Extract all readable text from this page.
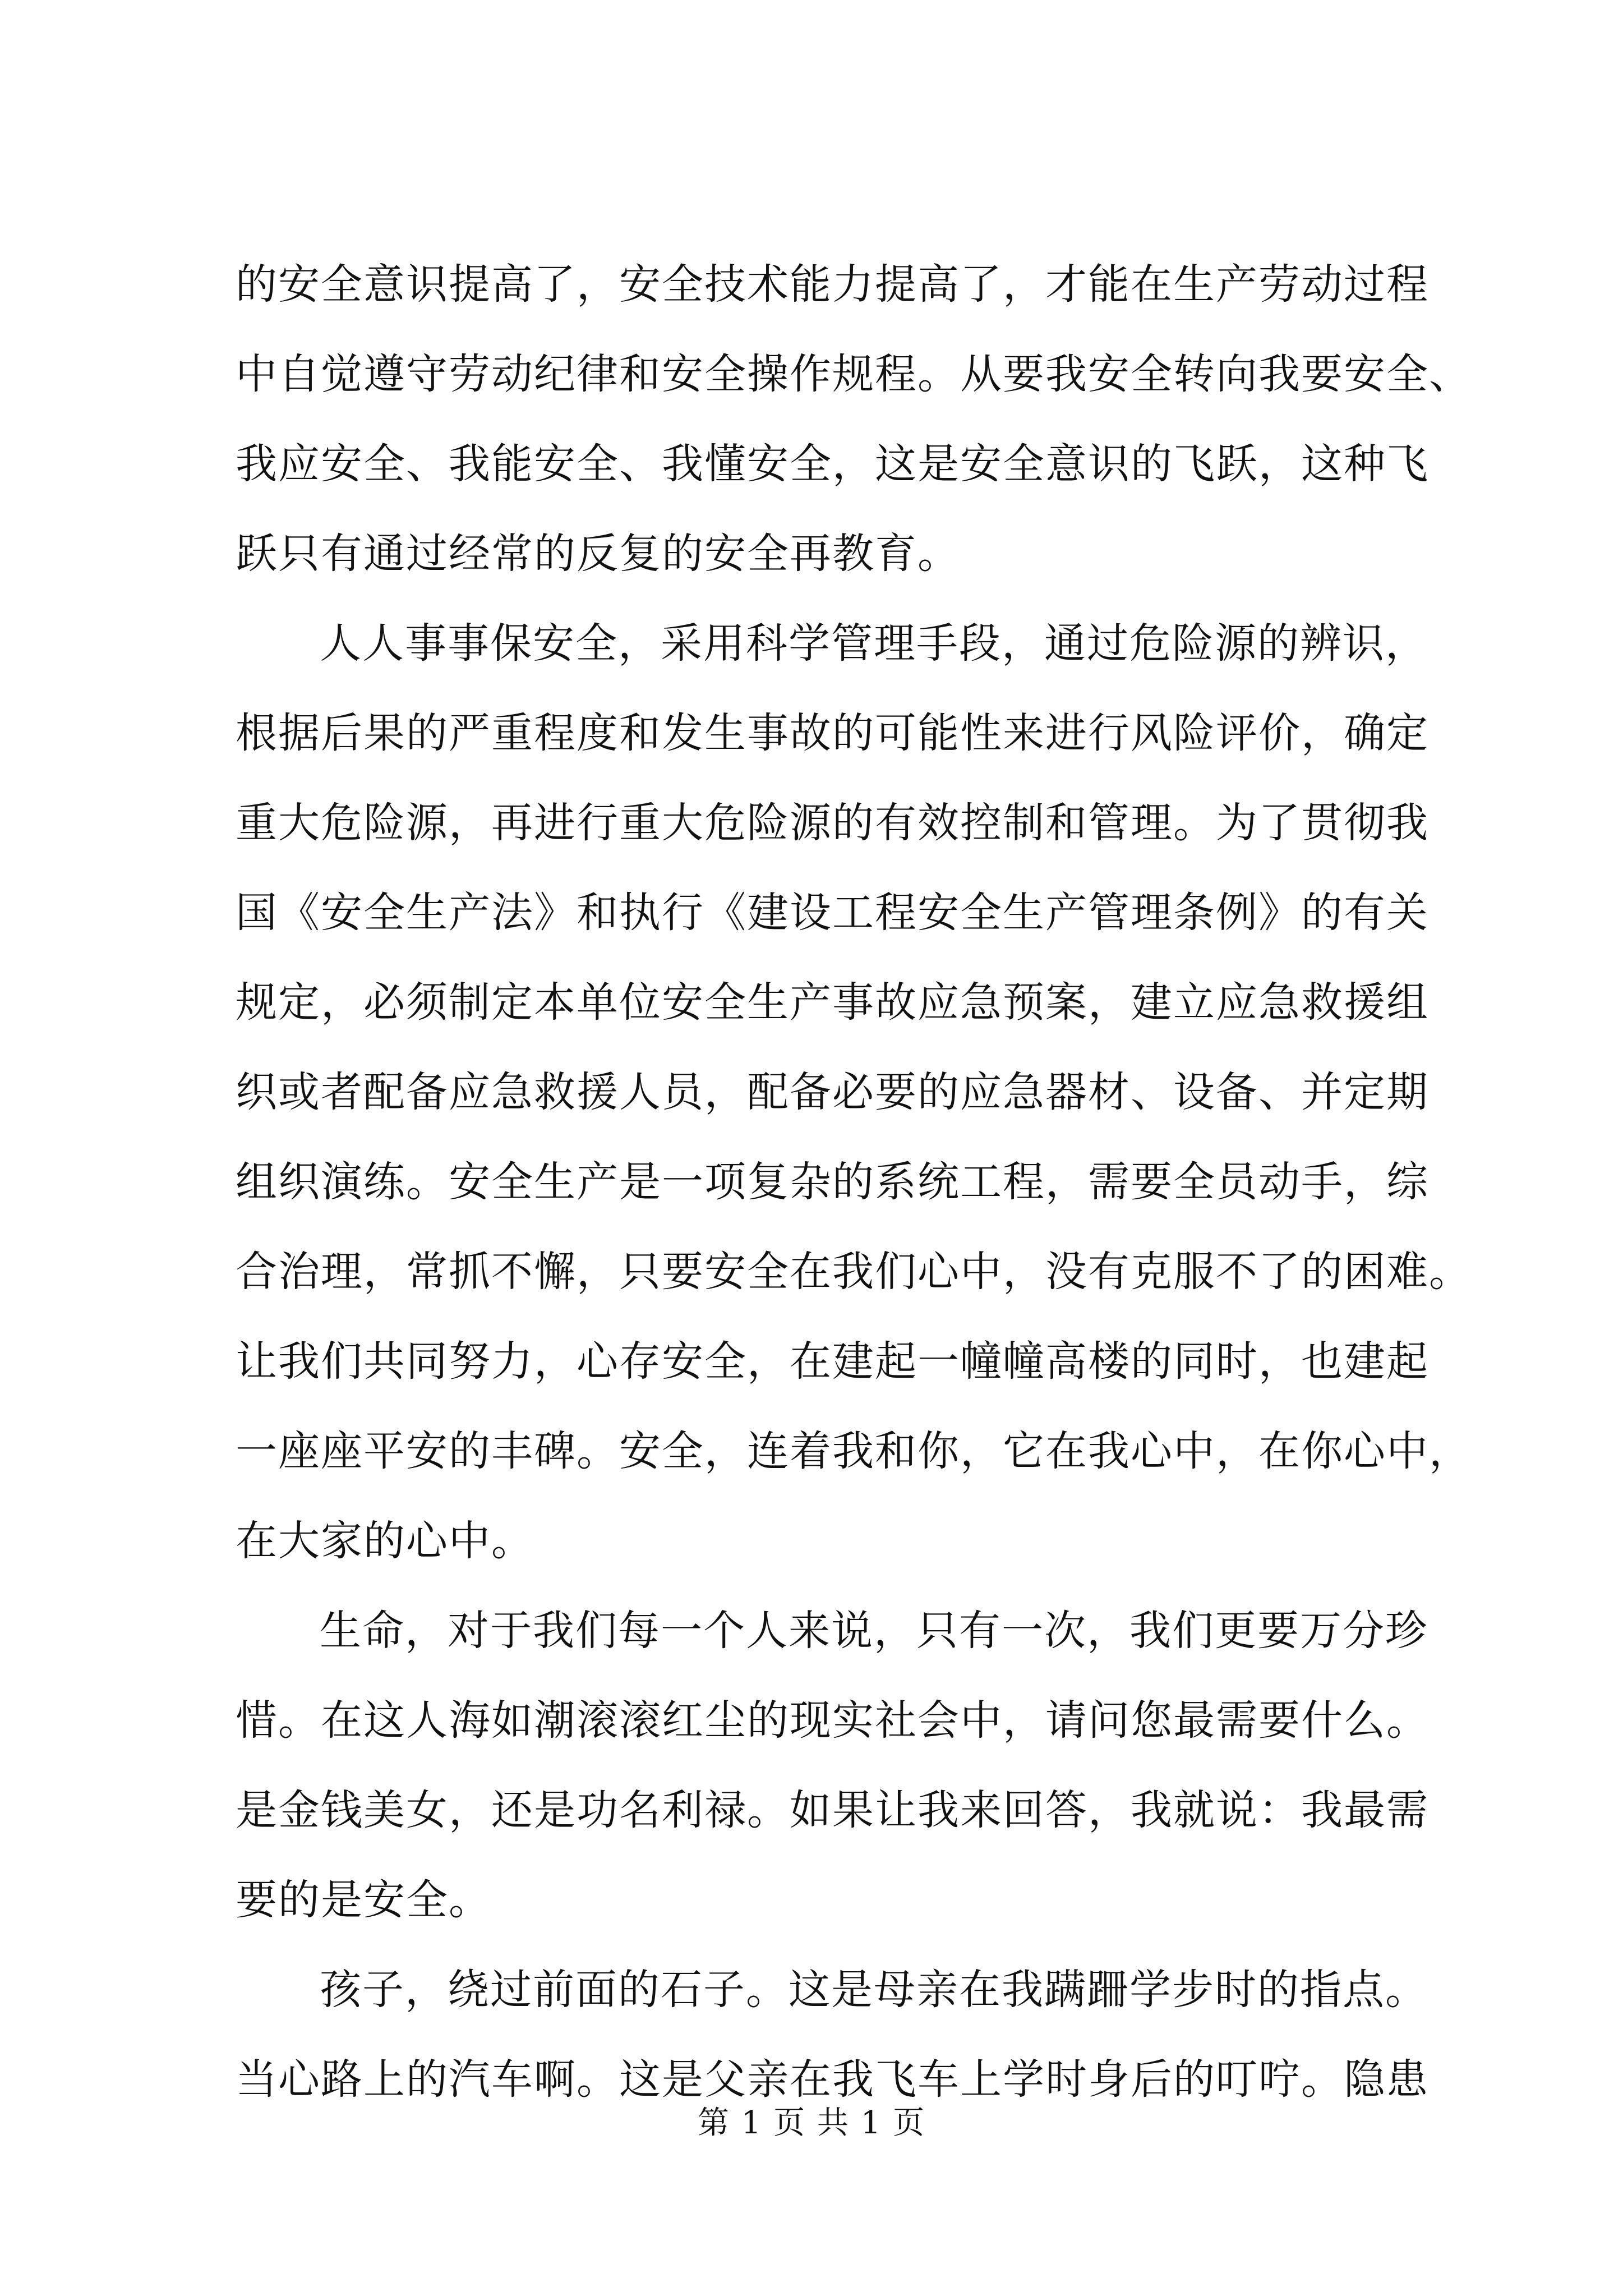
的安全意识提高了，安全技术能力提高了，才能在生产劳动过程
中自觉遵守劳动纪律和安全操作规程。从要我安全转向我要安全、
我应安全、我能安全、我懂安全，这是安全意识的飞跃，这种飞
跃只有通过经常的反复的安全再教育。
人人事事保安全，采用科学管理手段，通过危险源的辨识，
根据后果的严重程度和发生事故的可能性来进行风险评价，确定
重大危险源，再进行重大危险源的有效控制和管理。为了贯彻我
国《安全生产法》和执行《建设工程安全生产管理条例》的有关
规定，必须制定本单位安全生产事故应急预案，建立应急救援组
织或者配备应急救援人员，配备必要的应急器材、设备、并定期
组织演练。安全生产是一项复杂的系统工程，需要全员动手，综
合治理，常抓不懈，只要安全在我们心中，没有克服不了的困难。
让我们共同努力，心存安全，在建起一幢幢高楼的同时，也建起
一座座平安的丰碑。安全，连着我和你，它在我心中，在你心中，
在大家的心中。
生命，对于我们每一个人来说，只有一次，我们更要万分珍
惜。在这人海如潮滚滚红尘的现实社会中，请问您最需要什么。
是金钱美女，还是功名利禄。如果让我来回答，我就说：我最需
要的是安全。
孩子，绕过前面的石子。这是母亲在我蹒跚学步时的指点。
当心路上的汽车啊。这是父亲在我飞车上学时身后的叮咛。隐患
第 1 页 共 1 页
